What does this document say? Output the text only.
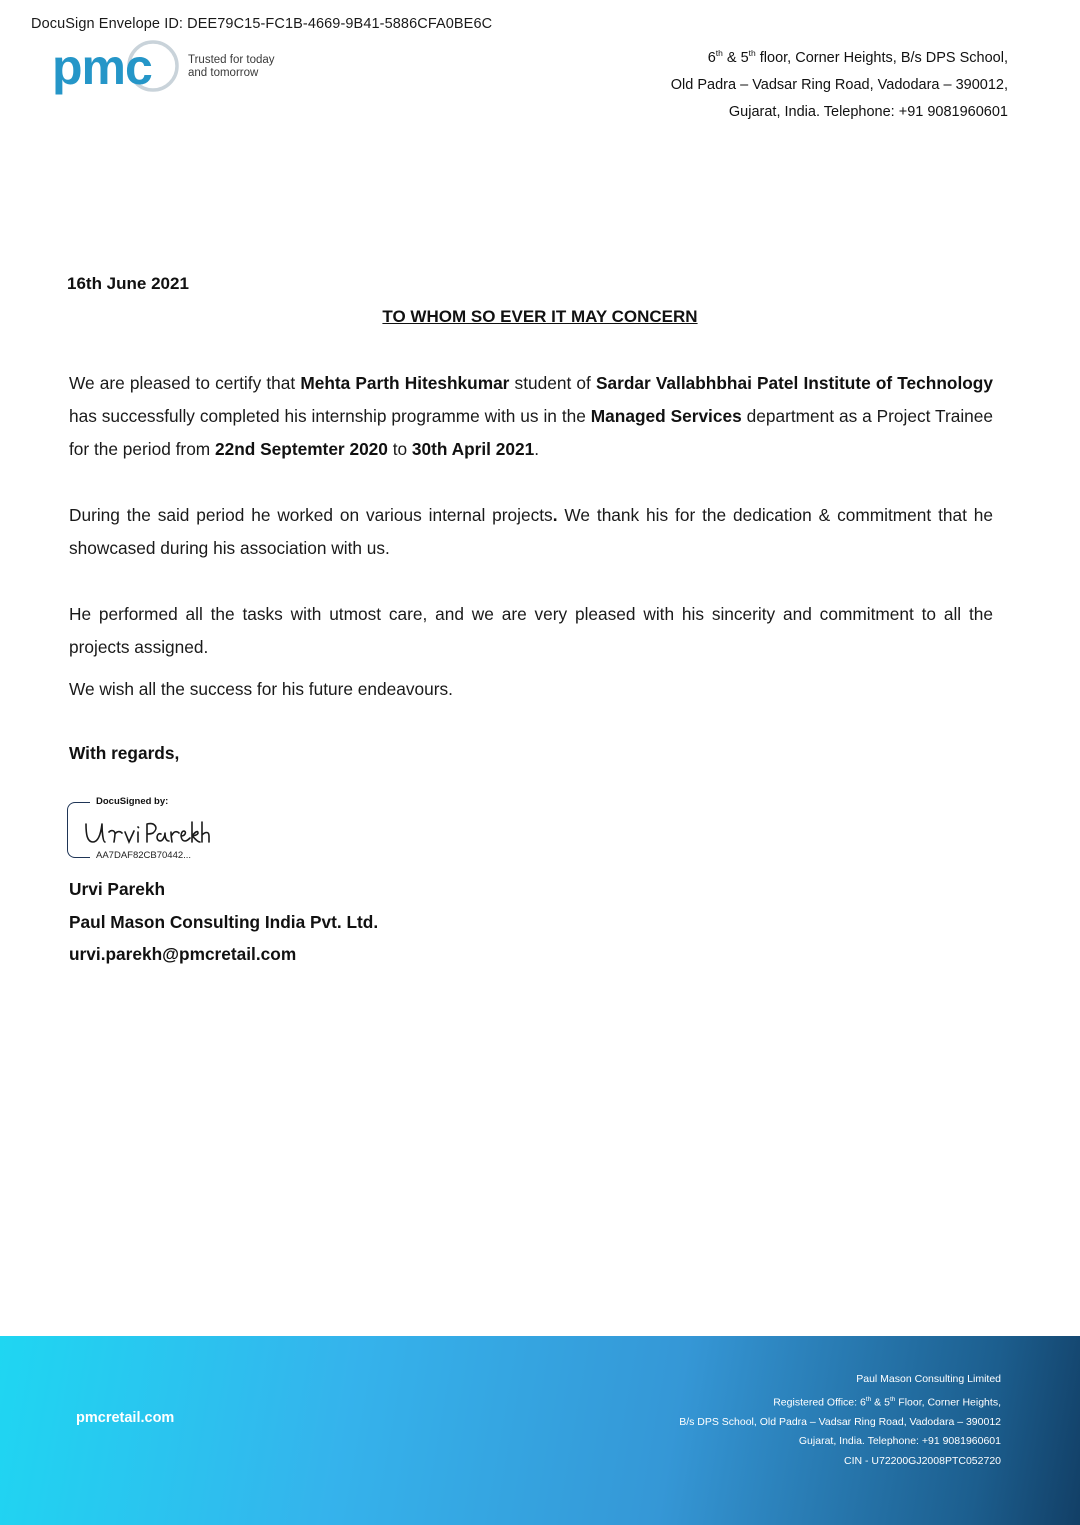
DocuSign Envelope ID: DEE79C15-FC1B-4669-9B41-5886CFA0BE6C
pmc	Trusted for today
and tomorrow
6th & 5th floor, Corner Heights, B/s DPS School,
Old Padra – Vadsar Ring Road, Vadodara – 390012,
Gujarat, India. Telephone: +91 9081960601
16th June 2021
TO WHOM SO EVER IT MAY CONCERN
We are pleased to certify that Mehta Parth Hiteshkumar student of Sardar Vallabhbhai Patel Institute of Technology has successfully completed his internship programme with us in the Managed Services department as a Project Trainee for the period from 22nd Septemter 2020 to 30th April 2021.
During the said period he worked on various internal projects. We thank his for the dedication & commitment that he showcased during his association with us.
He performed all the tasks with utmost care, and we are very pleased with his sincerity and commitment to all the projects assigned.
We wish all the success for his future endeavours.
With regards,
DocuSigned by:
AA7DAF82CB70442...
Urvi Parekh
Paul Mason Consulting India Pvt. Ltd.
urvi.parekh@pmcretail.com
pmcretail.com
Paul Mason Consulting Limited
Registered Office: 6th & 5th Floor, Corner Heights,
B/s DPS School, Old Padra – Vadsar Ring Road, Vadodara – 390012
Gujarat, India. Telephone: +91 9081960601
CIN - U72200GJ2008PTC052720
